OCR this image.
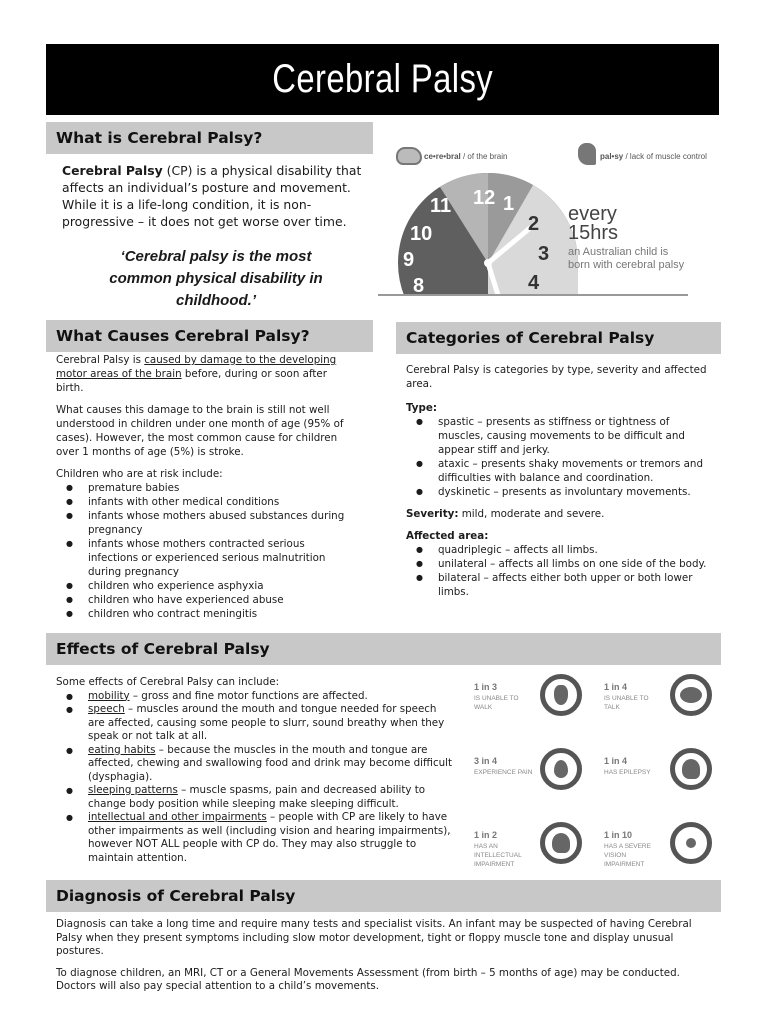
Cerebral Palsy
What is Cerebral Palsy?
Cerebral Palsy (CP) is a physical disability that affects an individual’s posture and movement. While it is a life-long condition, it is non-progressive – it does not get worse over time.
‘Cerebral palsy is the most common physical disability in childhood.’
ce•re•bral / of the brain	pal•sy / lack of muscle control
12 1
2
3
4
11
10
9
8
every
15hrs
an Australian child is born with cerebral palsy
What Causes Cerebral Palsy?

Cerebral Palsy is caused by damage to the developing motor areas of the brain before, during or soon after birth.

What causes this damage to the brain is still not well understood in children under one month of age (95% of cases). However, the most common cause for children over 1 months of age (5%) is stroke.

Children who are at risk include:

● premature babies
● infants with other medical conditions
● infants whose mothers abused substances during pregnancy
● infants whose mothers contracted serious infections or experienced serious malnutrition during pregnancy
● children who experience asphyxia
● children who have experienced abuse
● children who contract meningitis
Categories of Cerebral Palsy

Cerebral Palsy is categories by type, severity and affected area.

Type:

● spastic – presents as stiffness or tightness of muscles, causing movements to be difficult and appear stiff and jerky.
● ataxic – presents shaky movements or tremors and difficulties with balance and coordination.
● dyskinetic – presents as involuntary movements.

Severity: mild, moderate and severe.

Affected area:

● quadriplegic – affects all limbs.
● unilateral – affects all limbs on one side of the body.
● bilateral – affects either both upper or both lower limbs.
Effects of Cerebral Palsy

Some effects of Cerebral Palsy can include:

● mobility – gross and fine motor functions are affected.
● speech – muscles around the mouth and tongue needed for speech are affected, causing some people to slurr, sound breathy when they speak or not talk at all.
● eating habits – because the muscles in the mouth and tongue are affected, chewing and swallowing food and drink may become difficult (dysphagia).
● sleeping patterns – muscle spasms, pain and decreased ability to change body position while sleeping make sleeping difficult.
● intellectual and other impairments – people with CP are likely to have other impairments as well (including vision and hearing impairments), however NOT ALL people with CP do. They may also struggle to maintain attention.
1 in 3
IS UNABLE TO WALK
1 in 4
IS UNABLE TO TALK
3 in 4
EXPERIENCE PAIN
1 in 4
HAS EPILEPSY
1 in 2
HAS AN INTELLECTUAL IMPAIRMENT
1 in 10
HAS A SEVERE VISION IMPAIRMENT
Diagnosis of Cerebral Palsy

Diagnosis can take a long time and require many tests and specialist visits. An infant may be suspected of having Cerebral Palsy when they present symptoms including slow motor development, tight or floppy muscle tone and display unusual postures.

To diagnose children, an MRI, CT or a General Movements Assessment (from birth – 5 months of age) may be conducted. Doctors will also pay special attention to a child’s movements.
